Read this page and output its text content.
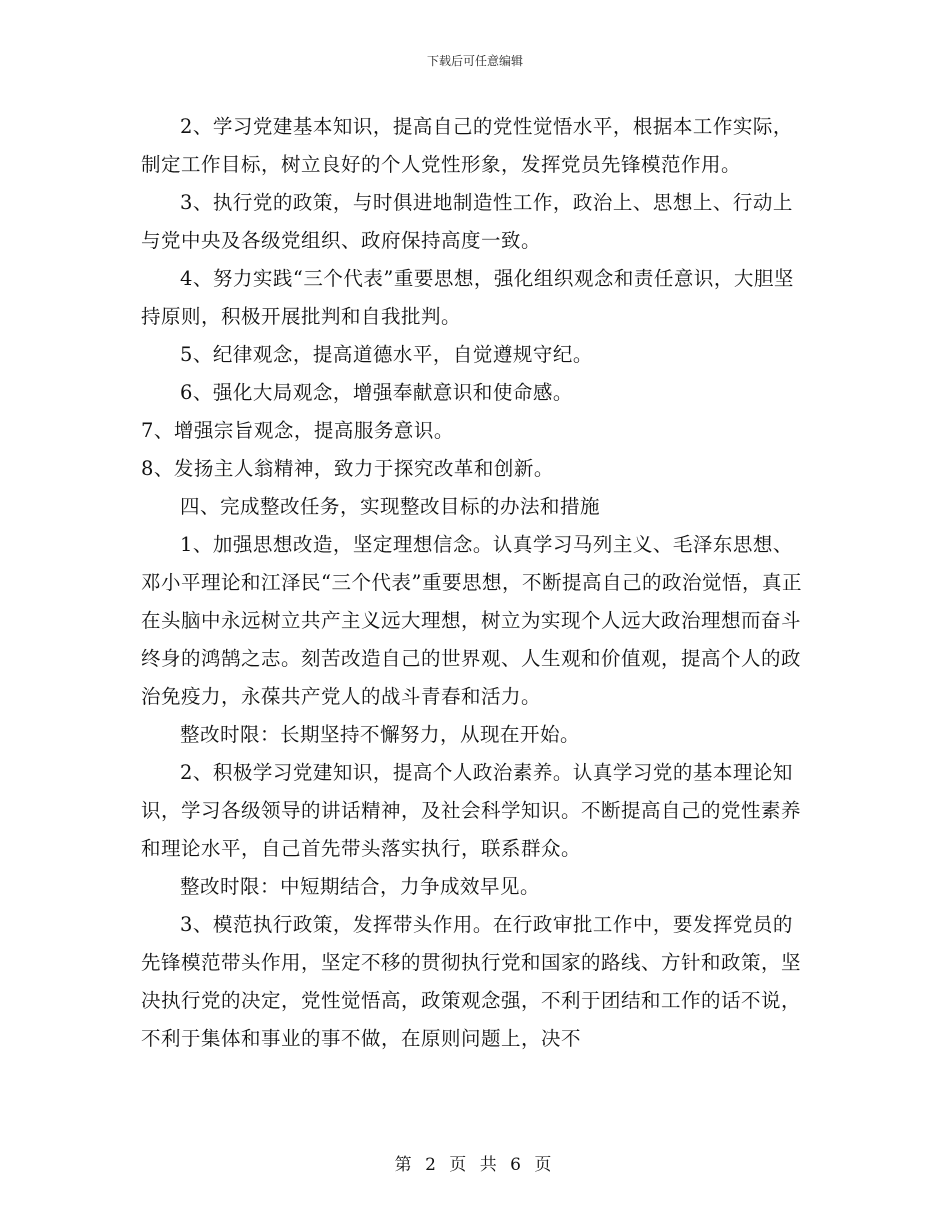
下载后可任意编辑

2、学习党建基本知识，提高自己的党性觉悟水平，根据本工作实际，制定工作目标，树立良好的个人党性形象，发挥党员先锋模范作用。

3、执行党的政策，与时俱进地制造性工作，政治上、思想上、行动上与党中央及各级党组织、政府保持高度一致。

4、努力实践“三个代表”重要思想，强化组织观念和责任意识，大胆坚持原则，积极开展批判和自我批判。

5、纪律观念，提高道德水平，自觉遵规守纪。

6、强化大局观念，增强奉献意识和使命感。

7、增强宗旨观念，提高服务意识。

8、发扬主人翁精神，致力于探究改革和创新。

四、完成整改任务，实现整改目标的办法和措施

1、加强思想改造，坚定理想信念。认真学习马列主义、毛泽东思想、邓小平理论和江泽民“三个代表”重要思想，不断提高自己的政治觉悟，真正在头脑中永远树立共产主义远大理想，树立为实现个人远大政治理想而奋斗终身的鸿鹄之志。刻苦改造自己的世界观、人生观和价值观，提高个人的政治免疫力，永葆共产党人的战斗青春和活力。

整改时限：长期坚持不懈努力，从现在开始。

2、积极学习党建知识，提高个人政治素养。认真学习党的基本理论知识，学习各级领导的讲话精神，及社会科学知识。不断提高自己的党性素养和理论水平，自己首先带头落实执行，联系群众。

整改时限：中短期结合，力争成效早见。

3、模范执行政策，发挥带头作用。在行政审批工作中，要发挥党员的先锋模范带头作用，坚定不移的贯彻执行党和国家的路线、方针和政策，坚决执行党的决定，党性觉悟高，政策观念强，不利于团结和工作的话不说，不利于集体和事业的事不做，在原则问题上，决不

第 2 页 共 6 页
